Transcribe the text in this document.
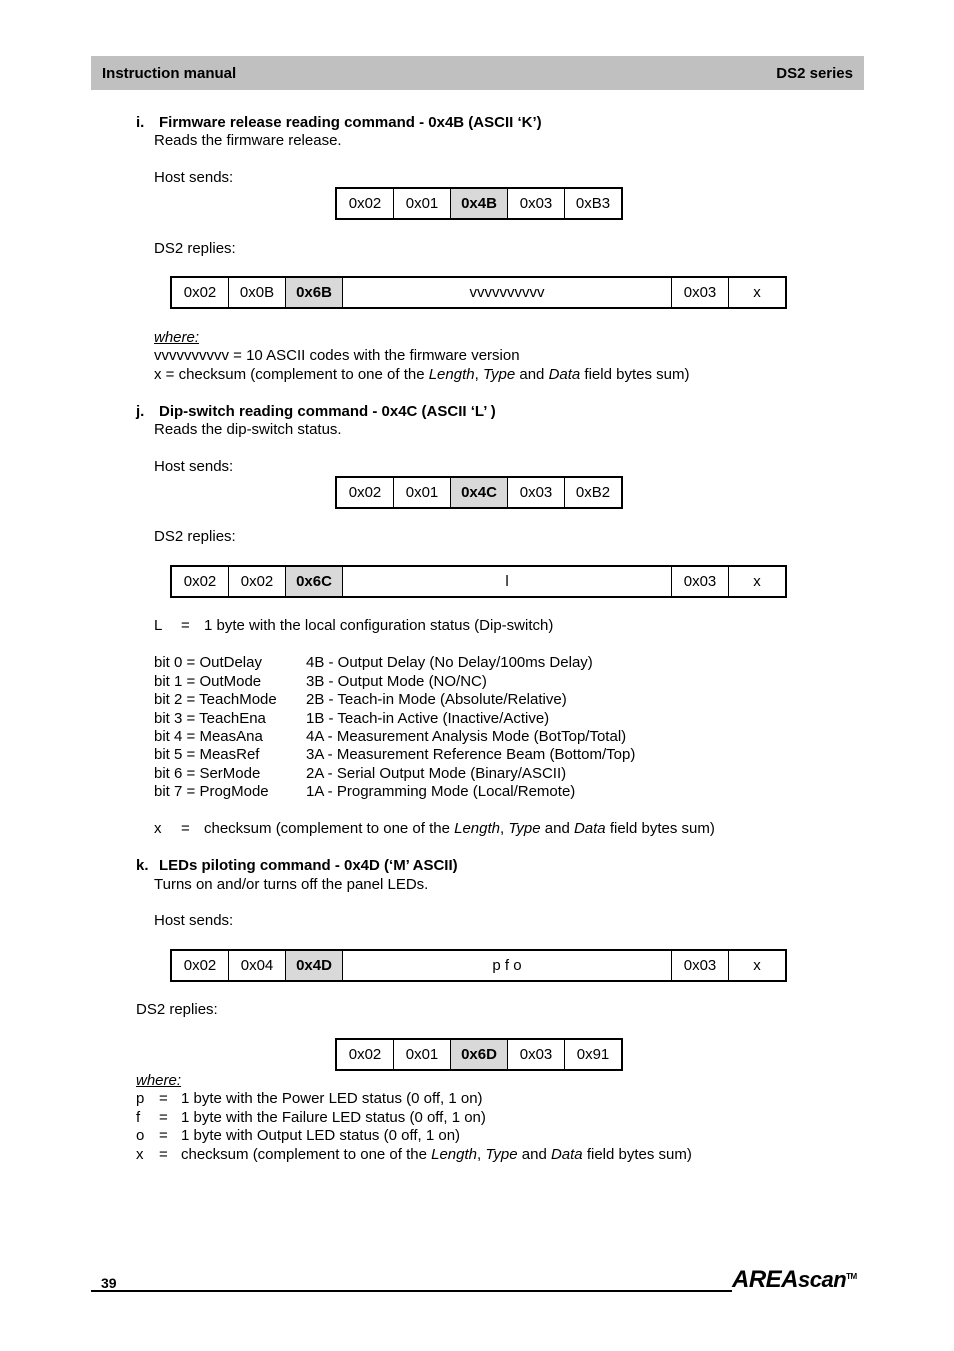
Instruction manual	DS2 series
i. Firmware release reading command - 0x4B (ASCII ‘K’)
Reads the firmware release.
Host sends:
0x02	0x01	0x4B	0x03	0xB3
DS2 replies:
0x02	0x0B	0x6B	vvvvvvvvvv	0x03	x
where:
vvvvvvvvvv = 10 ASCII codes with the firmware version
x = checksum (complement to one of the Length, Type and Data field bytes sum)
j. Dip-switch reading command - 0x4C (ASCII ‘L’ )
Reads the dip-switch status.
Host sends:
0x02	0x01	0x4C	0x03	0xB2
DS2 replies:
0x02	0x02	0x6C	l	0x03	x
L = 1 byte with the local configuration status (Dip-switch)
bit 0 = OutDelay	4B - Output Delay (No Delay/100ms Delay)
bit 1 = OutMode	3B - Output Mode (NO/NC)
bit 2 = TeachMode 2B - Teach-in Mode (Absolute/Relative)
bit 3 = TeachEna	1B - Teach-in Active (Inactive/Active)
bit 4 = MeasAna	4A - Measurement Analysis Mode (BotTop/Total)
bit 5 = MeasRef	3A - Measurement Reference Beam (Bottom/Top)
bit 6 = SerMode	2A - Serial Output Mode (Binary/ASCII)
bit 7 = ProgMode 1A - Programming Mode (Local/Remote)
x = checksum (complement to one of the Length, Type and Data field bytes sum)
k. LEDs piloting command - 0x4D (‘M’ ASCII)
Turns on and/or turns off the panel LEDs.
Host sends:
0x02	0x04	0x4D	p f o	0x03	x
DS2 replies:
0x02	0x01	0x6D	0x03	0x91
where:
p = 1 byte with the Power LED status (0 off, 1 on)
f = 1 byte with the Failure LED status (0 off, 1 on)
o = 1 byte with Output LED status (0 off, 1 on)
x = checksum (complement to one of the Length, Type and Data field bytes sum)
39	AREAscan™
